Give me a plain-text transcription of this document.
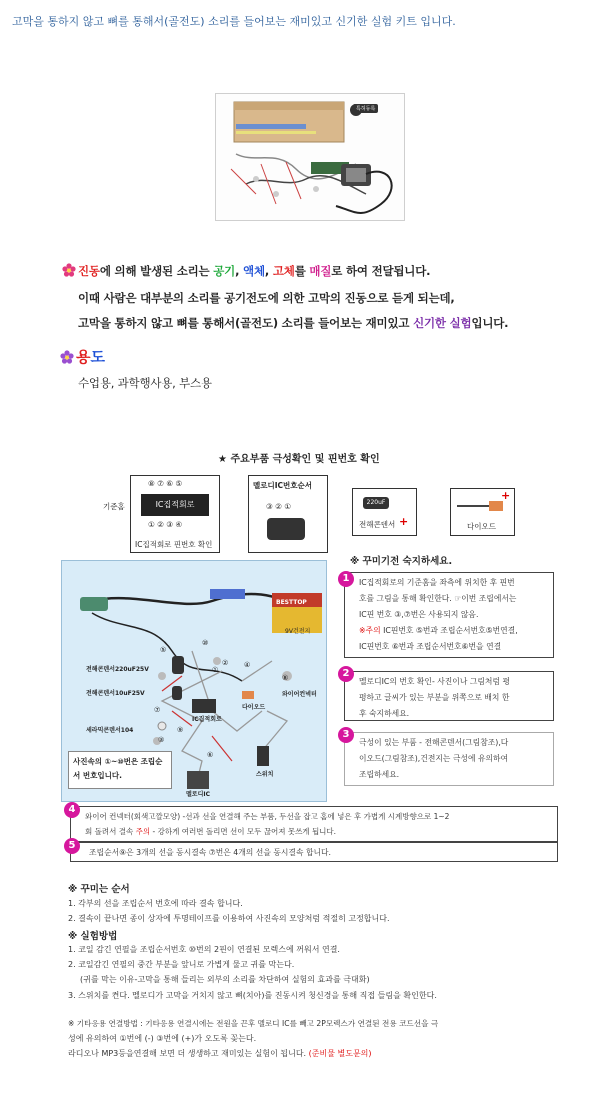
고막을 통하지 않고 뼈를 통해서(골전도) 소리를 들어보는 재미있고 신기한 실험 키트 입니다.
특허등록
진동에 의해 발생된 소리는 공기, 액체, 고체를 매질로 하여 전달됩니다.
이때 사람은 대부분의 소리를 공기전도에 의한 고막의 진동으로 듣게 되는데,
고막을 통하지 않고 뼈를 통해서(골전도) 소리를 들어보는 재미있고 신기한 실험입니다.
용도
수업용, 과학행사용, 부스용
★ 주요부품 극성확인 및 핀번호 확인
기준홈
⑧ ⑦ ⑥ ⑤
IC집적회로
① ② ③ ④
IC집적회로 핀번호 확인
멜로디IC번호순서
③ ② ①	220uF
전해콘덴서 +	다이오드
+
※ 꾸미기전 숙지하세요.
BESTTOP
9V건전지
전해콘덴서220uF25V
전해콘덴서10uF25V
세라믹콘덴서104
IC집적회로
다이오드
와이어컨넥터
스위치
멜로디IC
사진속의 ①~⑩번은 조립순서 번호입니다.
⑤
⑩
②
⑧
⑦
⑨
③
①
④
⑥
IC집적회로의 기준홈을 좌측에 위치한 후 핀번
호를 그림을 통해 확인한다. ☞이번 조립에서는
IC핀 번호 ③,⑦번은 사용되지 않음.
※주의 IC핀번호 ⑤번과 조립순서번호⑤번연결,
IC핀번호 ⑥번과 조립순서번호⑥번을 연결
1
멜로디IC의 번호 확인- 사진이나 그림처럼 평
평하고 글씨가 있는 부분을 위쪽으로 배치 한
후 숙지하세요.
2
극성이 있는 부품 - 전해콘덴서(그림참조),다
이오드(그림참조),건전지는 극성에 유의하여
조립하세요.
3
와이어 컨넥터(회색고깔모양) -선과 선을 연결해 주는 부품, 두선을 잡고 홈에 넣은 후 가볍게 시계방향으로 1~2
회 돌려서 결속 주의 - 강하게 여러번 돌리면 선이 모두 끊어져 못쓰게 됩니다.
4
조립순서⑨은 3개의 선을 동시결속 ⑦번은 4개의 선을 동시결속 합니다.
5
※ 꾸미는 순서
1. 각부의 선을 조립순서 번호에 따라 결속 합니다.
2. 결속이 끝나면 종이 상자에 투명테이프를 이용하여 사진속의 모양처럼 적절히 고정합니다.
※ 실험방법
1. 코일 감긴 연필을 조립순서번호 ⑩번의 2핀이 연결된 모렉스에 꺼워서 연결.
2. 코일감긴 연필의 중간 부분을 앞니로 가볍게 물고 귀를 막는다.
(귀를 막는 이유-고막을 통해 들리는 외부의 소리를 차단하여 실험의 효과를 극대화)
3. 스위치를 켠다. 멜로디가 고막을 거치지 않고 뼈(치아)를 진동시켜 청신경을 통해 직접 들림을 확인한다.
※ 기타응용 연결방법 : 기타응용 연결시에는 전원을 끈후 멜로디 IC를 빼고 2P모렉스가 연결된 전용 코드선을 극
성에 유의하여 ①번에 (-) ③번에 (+)가 오도록 꽂는다.
라디오나 MP3등을연결해 보면 더 생생하고 재미있는 실험이 됩니다. (준비물 별도문의)
